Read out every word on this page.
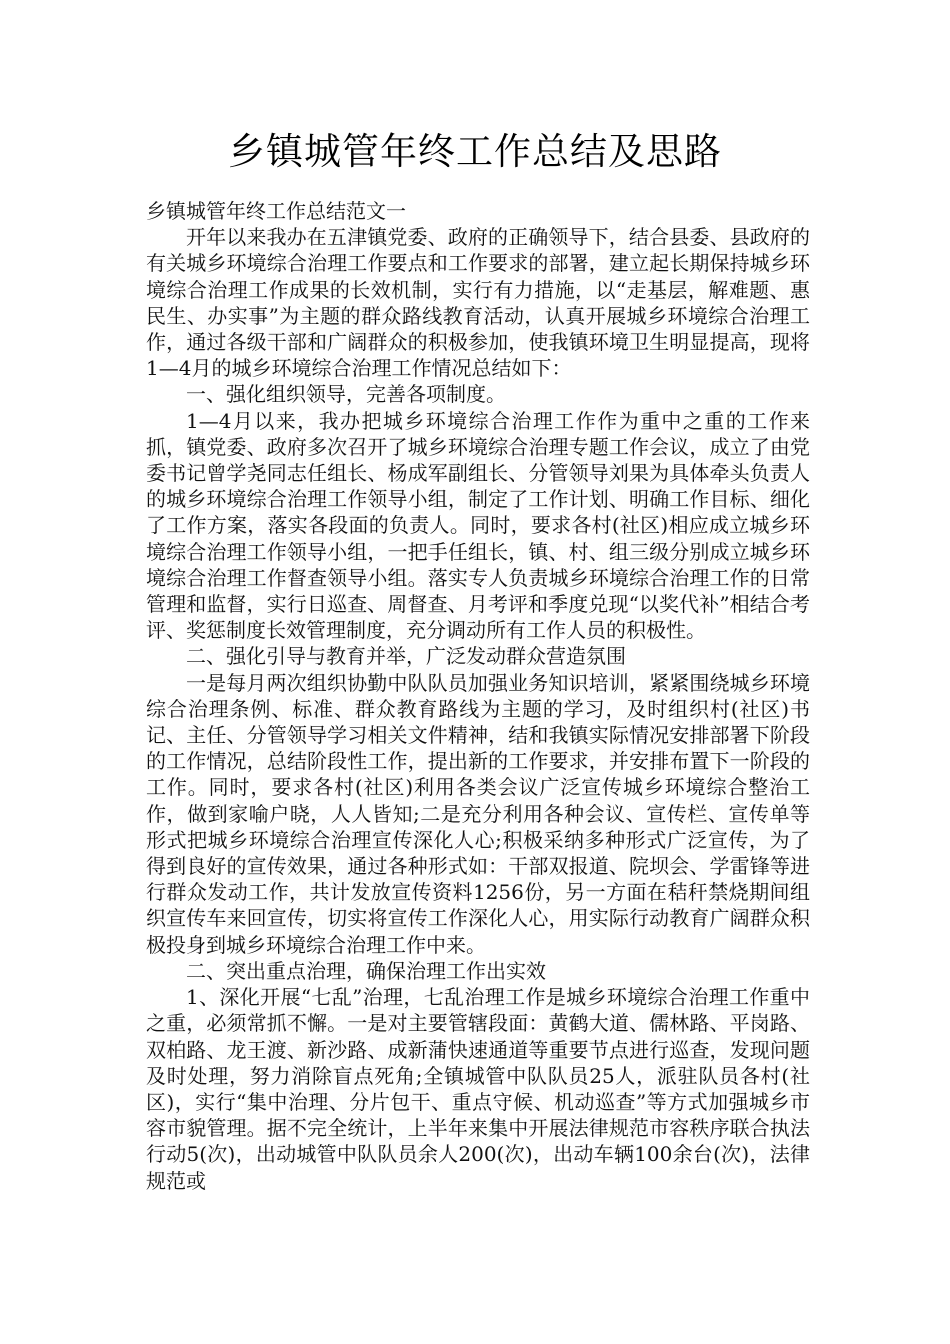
乡镇城管年终工作总结及思路

乡镇城管年终工作总结范文一

开年以来我办在五津镇党委、政府的正确领导下，结合县委、县政府的有关城乡环境综合治理工作要点和工作要求的部署，建立起长期保持城乡环境综合治理工作成果的长效机制，实行有力措施，以“走基层，解难题、惠民生、办实事”为主题的群众路线教育活动，认真开展城乡环境综合治理工作，通过各级干部和广阔群众的积极参加，使我镇环境卫生明显提高，现将1—4月的城乡环境综合治理工作情况总结如下：

一、强化组织领导，完善各项制度。

1—4月以来，我办把城乡环境综合治理工作作为重中之重的工作来抓，镇党委、政府多次召开了城乡环境综合治理专题工作会议，成立了由党委书记曾学尧同志任组长、杨成军副组长、分管领导刘果为具体牵头负责人的城乡环境综合治理工作领导小组，制定了工作计划、明确工作目标、细化了工作方案，落实各段面的负责人。同时，要求各村(社区)相应成立城乡环境综合治理工作领导小组，一把手任组长，镇、村、组三级分别成立城乡环境综合治理工作督查领导小组。落实专人负责城乡环境综合治理工作的日常管理和监督，实行日巡查、周督查、月考评和季度兑现“以奖代补”相结合考评、奖惩制度长效管理制度，充分调动所有工作人员的积极性。

二、强化引导与教育并举，广泛发动群众营造氛围

一是每月两次组织协勤中队队员加强业务知识培训，紧紧围绕城乡环境综合治理条例、标准、群众教育路线为主题的学习，及时组织村(社区)书记、主任、分管领导学习相关文件精神，结和我镇实际情况安排部署下阶段的工作情况，总结阶段性工作，提出新的工作要求，并安排布置下一阶段的工作。同时，要求各村(社区)利用各类会议广泛宣传城乡环境综合整治工作，做到家喻户晓，人人皆知;二是充分利用各种会议、宣传栏、宣传单等形式把城乡环境综合治理宣传深化人心;积极采纳多种形式广泛宣传，为了得到良好的宣传效果，通过各种形式如：干部双报道、院坝会、学雷锋等进行群众发动工作，共计发放宣传资料1256份，另一方面在秸秆禁烧期间组织宣传车来回宣传，切实将宣传工作深化人心，用实际行动教育广阔群众积极投身到城乡环境综合治理工作中来。

二、突出重点治理，确保治理工作出实效

1、深化开展“七乱”治理，七乱治理工作是城乡环境综合治理工作重中之重，必须常抓不懈。一是对主要管辖段面：黄鹤大道、儒林路、平岗路、双柏路、龙王渡、新沙路、成新蒲快速通道等重要节点进行巡查，发现问题及时处理，努力消除盲点死角;全镇城管中队队员25人，派驻队员各村(社区)，实行“集中治理、分片包干、重点守候、机动巡查”等方式加强城乡市容市貌管理。据不完全统计，上半年来集中开展法律规范市容秩序联合执法行动5(次)，出动城管中队队员余人200(次)，出动车辆100余台(次)，法律规范或
